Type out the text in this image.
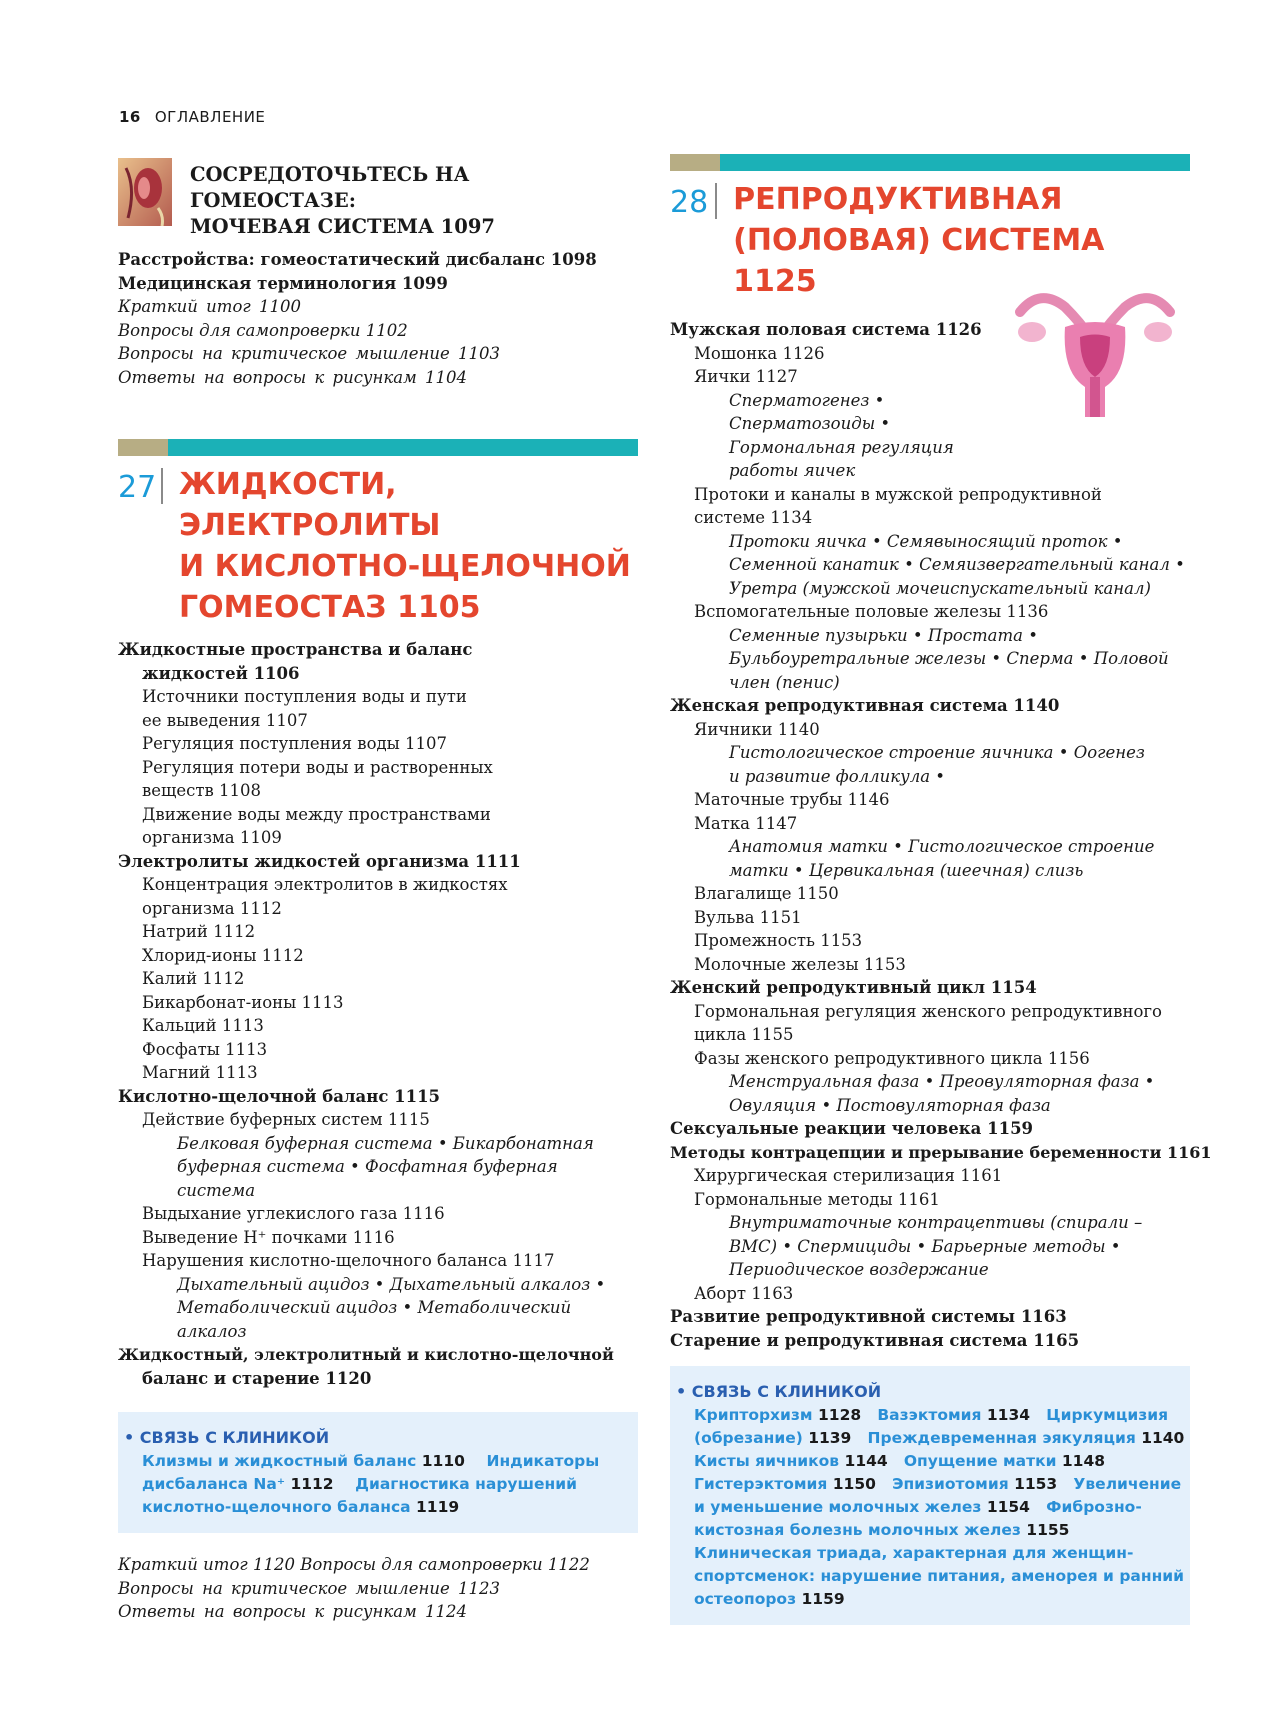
16 ОГЛАВЛЕНИЕ
СОСРЕДОТОЧЬТЕСЬ НА ГОМЕОСТАЗЕ:
МОЧЕВАЯ СИСТЕМА 1097
Расстройства: гомеостатический дисбаланс 1098
Медицинская терминология 1099
Краткий итог 1100
Вопросы для самопроверки 1102
Вопросы на критическое мышление 1103
Ответы на вопросы к рисункам 1104
27 ЖИДКОСТИ, ЭЛЕКТРОЛИТЫ
И КИСЛОТНО-ЩЕЛОЧНОЙ
ГОМЕОСТАЗ 1105
Жидкостные пространства и баланс
жидкостей 1106
Источники поступления воды и пути
ее выведения 1107
Регуляция поступления воды 1107
Регуляция потери воды и растворенных
веществ 1108
Движение воды между пространствами
организма 1109
Электролиты жидкостей организма 1111
Концентрация электролитов в жидкостях
организма 1112
Натрий 1112
Хлорид-ионы 1112
Калий 1112
Бикарбонат-ионы 1113
Кальций 1113
Фосфаты 1113
Магний 1113
Кислотно-щелочной баланс 1115
Действие буферных систем 1115
Белковая буферная система • Бикарбонатная
буферная система • Фосфатная буферная
система
Выдыхание углекислого газа 1116
Выведение H⁺ почками 1116
Нарушения кислотно-щелочного баланса 1117
Дыхательный ацидоз • Дыхательный алкалоз •
Метаболический ацидоз • Метаболический
алкалоз
Жидкостный, электролитный и кислотно-щелочной
баланс и старение 1120
• СВЯЗЬ С КЛИНИКОЙ
Клизмы и жидкостный баланс 1110 Индикаторы
дисбаланса Na⁺ 1112 Диагностика нарушений
кислотно-щелочного баланса 1119
Краткий итог 1120 Вопросы для самопроверки 1122
Вопросы на критическое мышление 1123
Ответы на вопросы к рисункам 1124
28 РЕПРОДУКТИВНАЯ
(ПОЛОВАЯ) СИСТЕМА 1125
Мужская половая система 1126
Мошонка 1126
Яички 1127
Сперматогенез •
Сперматозоиды •
Гормональная регуляция
работы яичек
Протоки и каналы в мужской репродуктивной
системе 1134
Протоки яичка • Семявыносящий проток •
Семенной канатик • Семяизвергательный канал •
Уретра (мужской мочеиспускательный канал)
Вспомогательные половые железы 1136
Семенные пузырьки • Простата •
Бульбоуретральные железы • Сперма • Половой
член (пенис)
Женская репродуктивная система 1140
Яичники 1140
Гистологическое строение яичника • Оогенез
и развитие фолликула •
Маточные трубы 1146
Матка 1147
Анатомия матки • Гистологическое строение
матки • Цервикальная (шеечная) слизь
Влагалище 1150
Вульва 1151
Промежность 1153
Молочные железы 1153
Женский репродуктивный цикл 1154
Гормональная регуляция женского репродуктивного
цикла 1155
Фазы женского репродуктивного цикла 1156
Менструальная фаза • Преовуляторная фаза •
Овуляция • Постовуляторная фаза
Сексуальные реакции человека 1159
Методы контрацепции и прерывание беременности 1161
Хирургическая стерилизация 1161
Гормональные методы 1161
Внутриматочные контрацептивы (спирали –
ВМС) • Спермициды • Барьерные методы •
Периодическое воздержание
Аборт 1163
Развитие репродуктивной системы 1163
Старение и репродуктивная система 1165
• СВЯЗЬ С КЛИНИКОЙ
Крипторхизм 1128 Вазэктомия 1134 Циркумцизия
(обрезание) 1139 Преждевременная эякуляция 1140
Кисты яичников 1144 Опущение матки 1148
Гистерэктомия 1150 Эпизиотомия 1153 Увеличение
и уменьшение молочных желез 1154 Фиброзно-
кистозная болезнь молочных желез 1155
Клиническая триада, характерная для женщин-
спортсменок: нарушение питания, аменорея и ранний
остеопороз 1159
